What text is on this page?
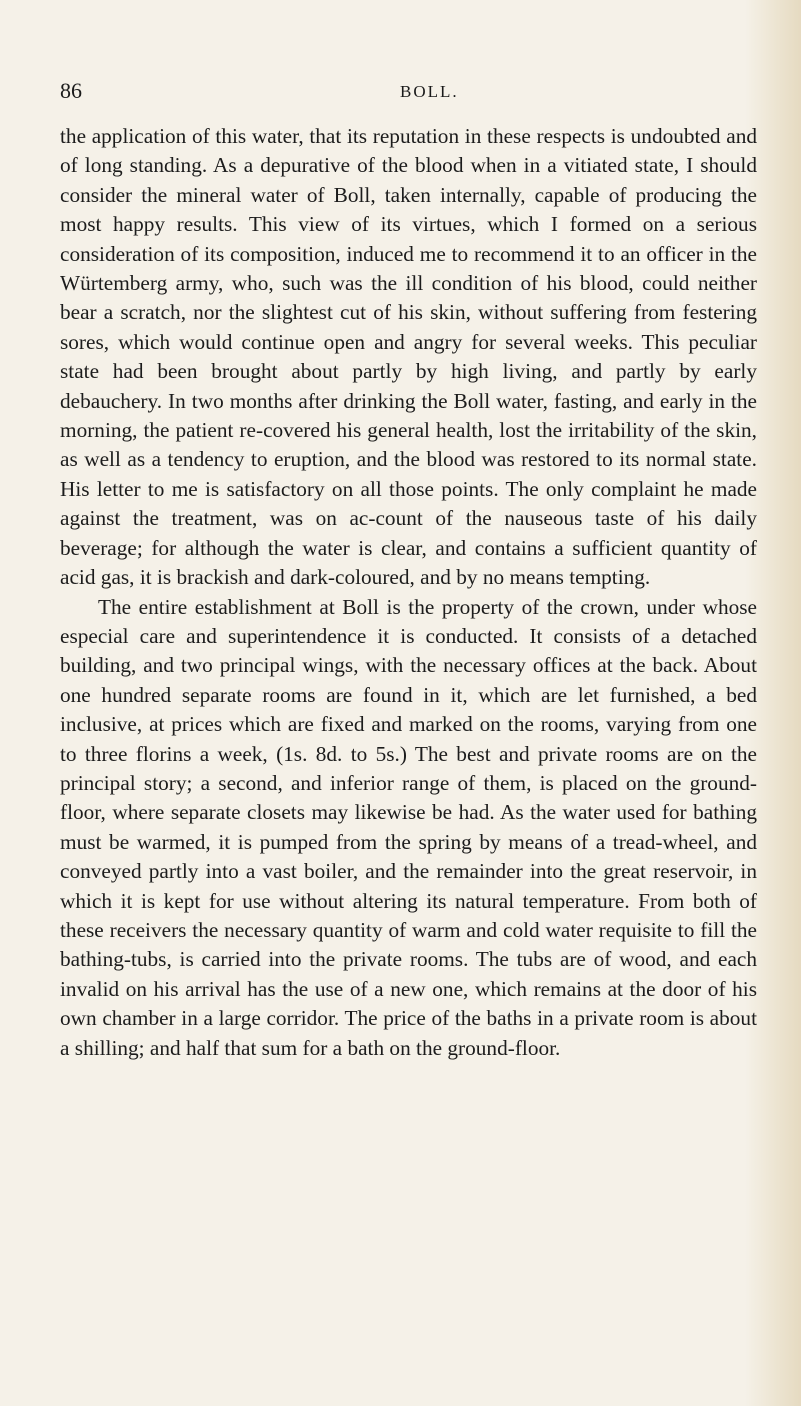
86	BOLL.

the application of this water, that its reputation in these respects is undoubted and of long standing. As a depurative of the blood when in a vitiated state, I should consider the mineral water of Boll, taken internally, capable of producing the most happy results. This view of its virtues, which I formed on a serious consideration of its composition, induced me to recommend it to an officer in the Würtemberg army, who, such was the ill condition of his blood, could neither bear a scratch, nor the slightest cut of his skin, without suffering from festering sores, which would continue open and angry for several weeks. This peculiar state had been brought about partly by high living, and partly by early debauchery. In two months after drinking the Boll water, fasting, and early in the morning, the patient re-covered his general health, lost the irritability of the skin, as well as a tendency to eruption, and the blood was restored to its normal state. His letter to me is satisfactory on all those points. The only complaint he made against the treatment, was on ac-count of the nauseous taste of his daily beverage; for although the water is clear, and contains a sufficient quantity of acid gas, it is brackish and dark-coloured, and by no means tempting.

The entire establishment at Boll is the property of the crown, under whose especial care and superintendence it is conducted. It consists of a detached building, and two principal wings, with the necessary offices at the back. About one hundred separate rooms are found in it, which are let furnished, a bed inclusive, at prices which are fixed and marked on the rooms, varying from one to three florins a week, (1s. 8d. to 5s.) The best and private rooms are on the principal story; a second, and inferior range of them, is placed on the ground-floor, where separate closets may likewise be had. As the water used for bathing must be warmed, it is pumped from the spring by means of a tread-wheel, and conveyed partly into a vast boiler, and the remainder into the great reservoir, in which it is kept for use without altering its natural temperature. From both of these receivers the necessary quantity of warm and cold water requisite to fill the bathing-tubs, is carried into the private rooms. The tubs are of wood, and each invalid on his arrival has the use of a new one, which remains at the door of his own chamber in a large corridor. The price of the baths in a private room is about a shilling; and half that sum for a bath on the ground-floor.
